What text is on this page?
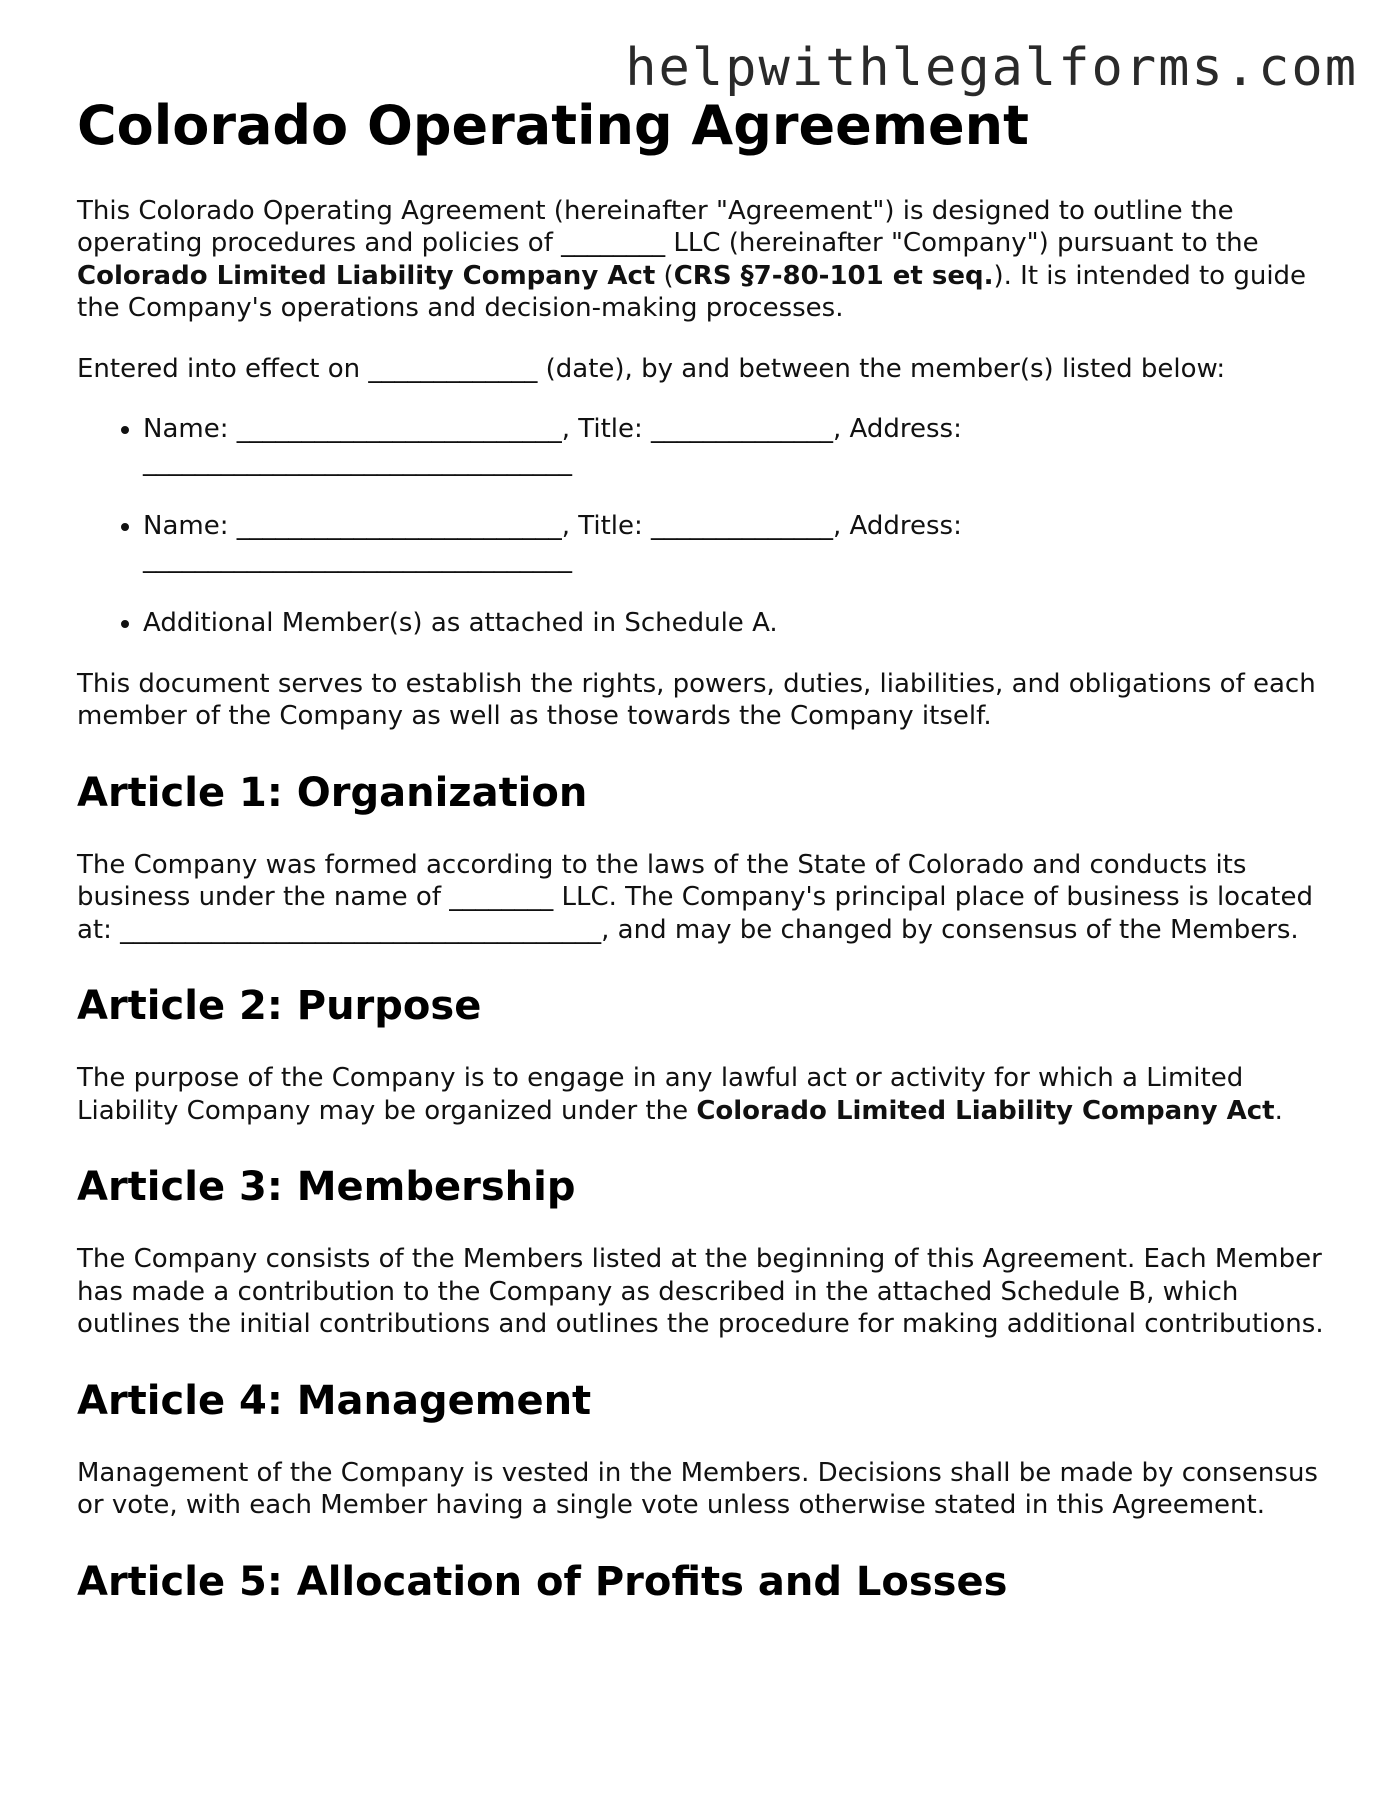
helpwithlegalforms.com
Colorado Operating Agreement

This Colorado Operating Agreement (hereinafter "Agreement") is designed to outline the operating procedures and policies of ________ LLC (hereinafter "Company") pursuant to the Colorado Limited Liability Company Act (CRS §7-80-101 et seq.). It is intended to guide the Company's operations and decision-making processes.

Entered into effect on _____________ (date), by and between the member(s) listed below:

• Name: _________________________, Title: ______________, Address: _________________________________
• Name: _________________________, Title: ______________, Address: _________________________________
• Additional Member(s) as attached in Schedule A.

This document serves to establish the rights, powers, duties, liabilities, and obligations of each member of the Company as well as those towards the Company itself.

Article 1: Organization

The Company was formed according to the laws of the State of Colorado and conducts its business under the name of ________ LLC. The Company's principal place of business is located at: _____________________________________, and may be changed by consensus of the Members.

Article 2: Purpose

The purpose of the Company is to engage in any lawful act or activity for which a Limited Liability Company may be organized under the Colorado Limited Liability Company Act.

Article 3: Membership

The Company consists of the Members listed at the beginning of this Agreement. Each Member has made a contribution to the Company as described in the attached Schedule B, which outlines the initial contributions and outlines the procedure for making additional contributions.

Article 4: Management

Management of the Company is vested in the Members. Decisions shall be made by consensus or vote, with each Member having a single vote unless otherwise stated in this Agreement.

Article 5: Allocation of Profits and Losses
